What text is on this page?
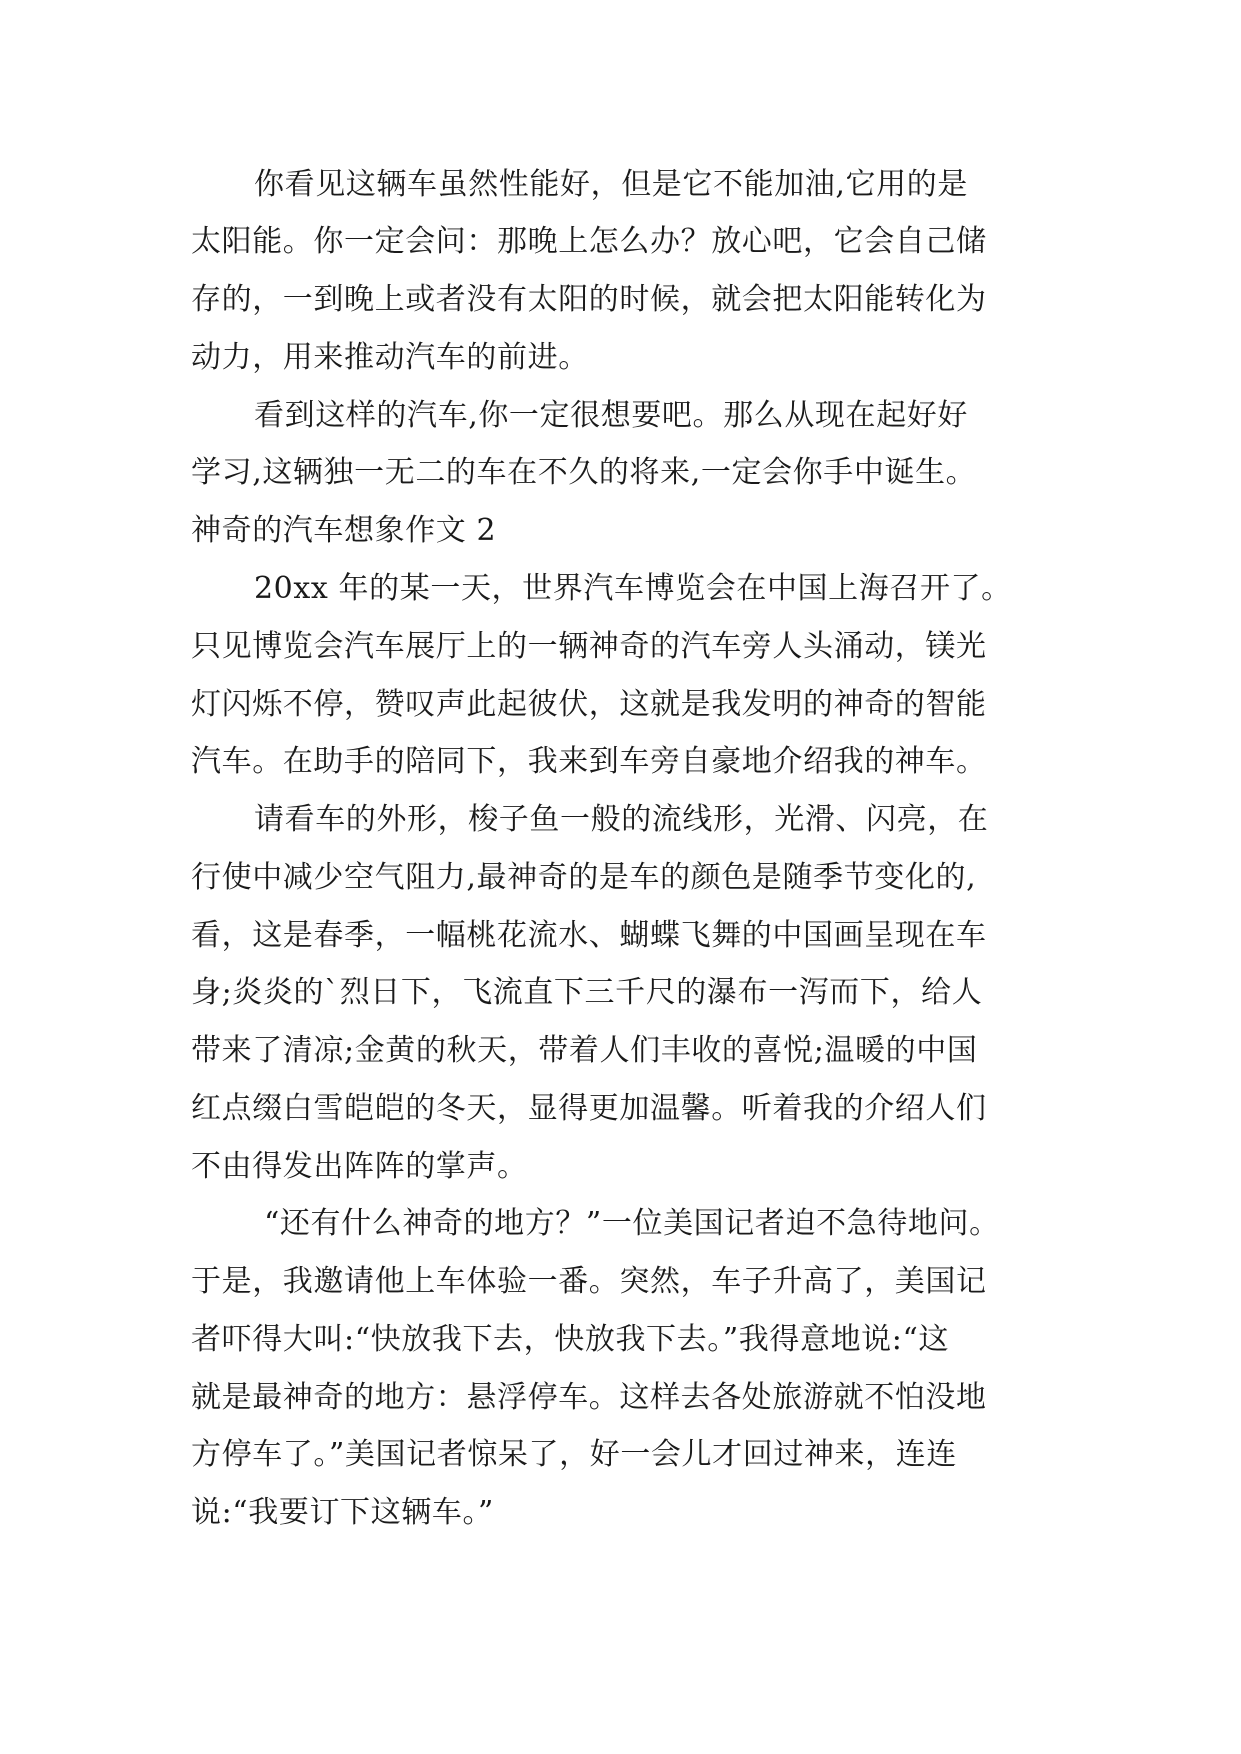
你看见这辆车虽然性能好，但是它不能加油,它用的是
太阳能。你一定会问：那晚上怎么办？放心吧，它会自己储
存的，一到晚上或者没有太阳的时候，就会把太阳能转化为
动力，用来推动汽车的前进。
看到这样的汽车,你一定很想要吧。那么从现在起好好
学习,这辆独一无二的车在不久的将来,一定会你手中诞生。
神奇的汽车想象作文 2
20xx 年的某一天，世界汽车博览会在中国上海召开了。
只见博览会汽车展厅上的一辆神奇的汽车旁人头涌动，镁光
灯闪烁不停，赞叹声此起彼伏，这就是我发明的神奇的智能
汽车。在助手的陪同下，我来到车旁自豪地介绍我的神车。
请看车的外形，梭子鱼一般的流线形，光滑、闪亮，在
行使中减少空气阻力,最神奇的是车的颜色是随季节变化的,
看，这是春季，一幅桃花流水、蝴蝶飞舞的中国画呈现在车
身;炎炎的`烈日下，飞流直下三千尺的瀑布一泻而下，给人
带来了清凉;金黄的秋天，带着人们丰收的喜悦;温暖的中国
红点缀白雪皑皑的冬天，显得更加温馨。听着我的介绍人们
不由得发出阵阵的掌声。
“还有什么神奇的地方？”一位美国记者迫不急待地问。
于是，我邀请他上车体验一番。突然，车子升高了，美国记
者吓得大叫:“快放我下去，快放我下去。”我得意地说:“这
就是最神奇的地方：悬浮停车。这样去各处旅游就不怕没地
方停车了。”美国记者惊呆了，好一会儿才回过神来，连连
说:“我要订下这辆车。”
